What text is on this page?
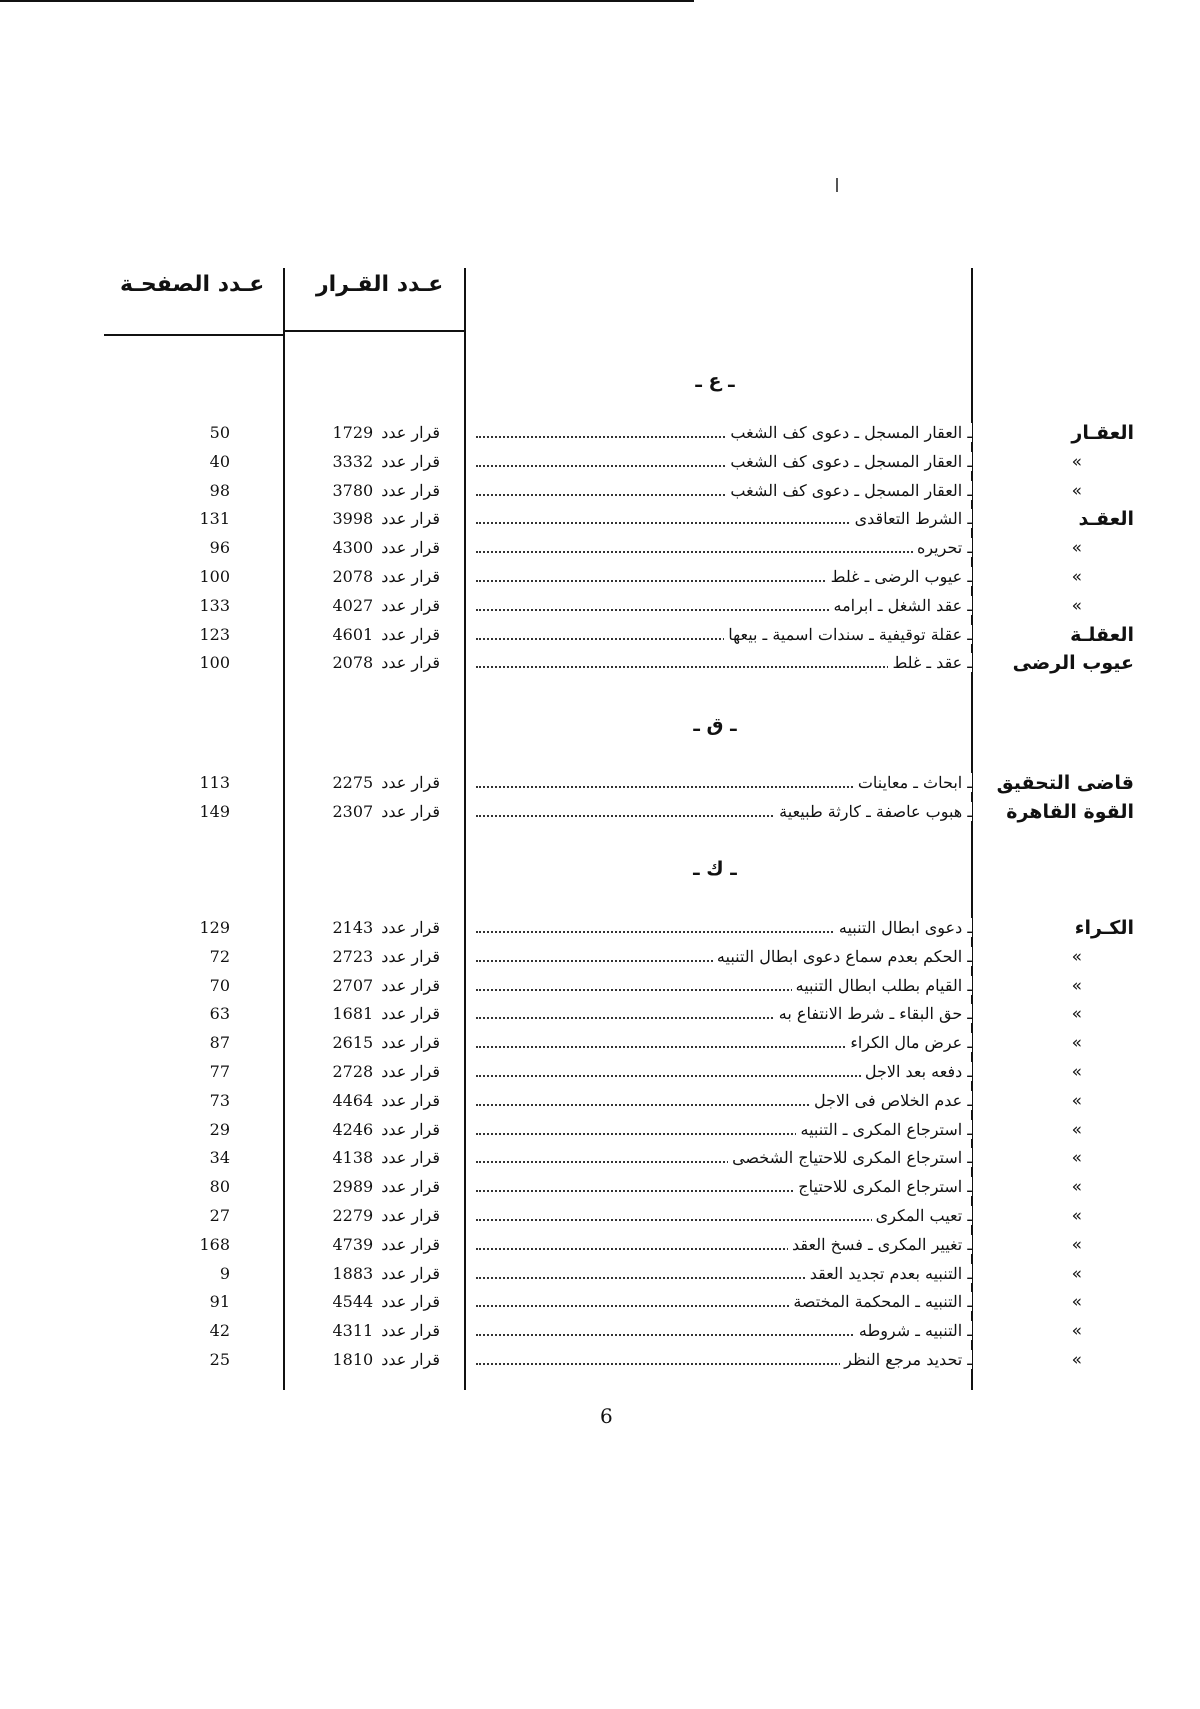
عـدد القـرار
عـدد الصفحـة
ـ ع ـ
العقـار
ـ العقار المسجل ـ دعوى كف الشغب
قرار عدد1729
50
»
ـ العقار المسجل ـ دعوى كف الشغب
قرار عدد3332
40
»
ـ العقار المسجل ـ دعوى كف الشغب
قرار عدد3780
98
العقـد
ـ الشرط التعاقدى
قرار عدد3998
131
»
ـ تحريره
قرار عدد4300
96
»
ـ عيوب الرضى ـ غلط
قرار عدد2078
100
»
ـ عقد الشغل ـ ابرامه
قرار عدد4027
133
العقلـة
ـ عقلة توقيفية ـ سندات اسمية ـ بيعها
قرار عدد4601
123
عيوب الرضى
ـ عقد ـ غلط
قرار عدد2078
100
ـ ق ـ
قاضى التحقيق
ـ ابحاث ـ معاينات
قرار عدد2275
113
القوة القاهرة
ـ هبوب عاصفة ـ كارثة طبيعية
قرار عدد2307
149
ـ ك ـ
الكـراء
ـ دعوى ابطال التنبيه
قرار عدد2143
129
»
ـ الحكم بعدم سماع دعوى ابطال التنبيه
قرار عدد2723
72
»
ـ القيام بطلب ابطال التنبيه
قرار عدد2707
70
»
ـ حق البقاء ـ شرط الانتفاع به
قرار عدد1681
63
»
ـ عرض مال الكراء
قرار عدد2615
87
»
ـ دفعه بعد الاجل
قرار عدد2728
77
»
ـ عدم الخلاص فى الاجل
قرار عدد4464
73
»
ـ استرجاع المكرى ـ التنبيه
قرار عدد4246
29
»
ـ استرجاع المكرى للاحتياج الشخصى
قرار عدد4138
34
»
ـ استرجاع المكرى للاحتياج
قرار عدد2989
80
»
ـ تعيب المكرى
قرار عدد2279
27
»
ـ تغيير المكرى ـ فسخ العقد
قرار عدد4739
168
»
ـ التنبيه بعدم تجديد العقد
قرار عدد1883
9
»
ـ التنبيه ـ المحكمة المختصة
قرار عدد4544
91
»
ـ التنبيه ـ شروطه
قرار عدد4311
42
»
ـ تحديد مرجع النظر
قرار عدد1810
25
6
